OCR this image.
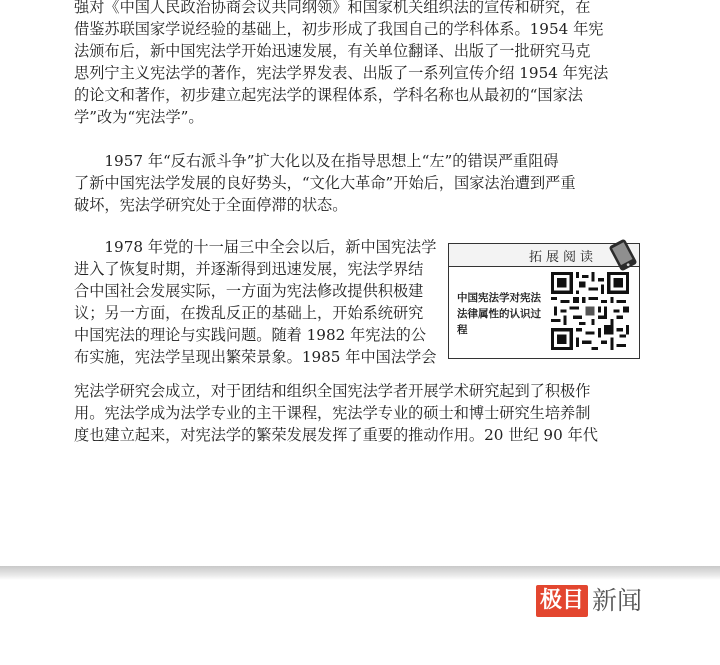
强对《中国人民政治协商会议共同纲领》和国家机关组织法的宣传和研究，在
借鉴苏联国家学说经验的基础上，初步形成了我国自己的学科体系。1954 年宪
法颁布后，新中国宪法学开始迅速发展，有关单位翻译、出版了一批研究马克
思列宁主义宪法学的著作，宪法学界发表、出版了一系列宣传介绍 1954 年宪法
的论文和著作，初步建立起宪法学的课程体系，学科名称也从最初的“国家法
学”改为“宪法学”。

　　1957 年“反右派斗争”扩大化以及在指导思想上“左”的错误严重阻碍
了新中国宪法学发展的良好势头，“文化大革命”开始后，国家法治遭到严重
破坏，宪法学研究处于全面停滞的状态。

　　1978 年党的十一届三中全会以后，新中国宪法学
进入了恢复时期，并逐渐得到迅速发展，宪法学界结
合中国社会发展实际，一方面为宪法修改提供积极建
议；另一方面，在拨乱反正的基础上，开始系统研究
中国宪法的理论与实践问题。随着 1982 年宪法的公
布实施，宪法学呈现出繁荣景象。1985 年中国法学会

宪法学研究会成立，对于团结和组织全国宪法学者开展学术研究起到了积极作
用。宪法学成为法学专业的主干课程，宪法学专业的硕士和博士研究生培养制
度也建立起来，对宪法学的繁荣发展发挥了重要的推动作用。20 世纪 90 年代

拓展阅读
中国宪法学对宪法法律属性的认识过程
极目 新闻
